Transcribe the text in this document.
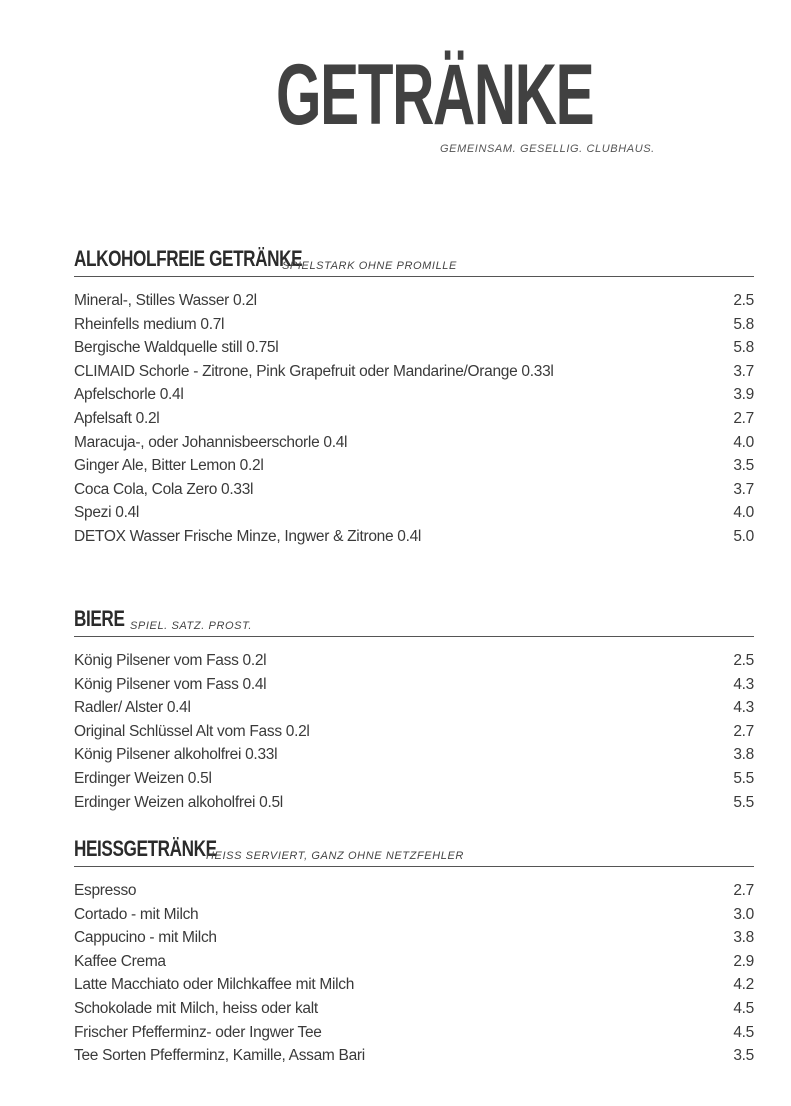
GETRÄNKE
GEMEINSAM. GESELLIG. CLUBHAUS.
ALKOHOLFREIE GETRÄNKE
SPIELSTARK OHNE PROMILLE
Mineral-, Stilles Wasser 0.2l	2.5
Rheinfells medium 0.7l	5.8
Bergische Waldquelle still 0.75l	5.8
CLIMAID Schorle - Zitrone, Pink Grapefruit oder Mandarine/Orange 0.33l	3.7
Apfelschorle 0.4l	3.9
Apfelsaft 0.2l	2.7
Maracuja-, oder Johannisbeerschorle 0.4l	4.0
Ginger Ale, Bitter Lemon 0.2l	3.5
Coca Cola, Cola Zero 0.33l	3.7
Spezi 0.4l	4.0
DETOX Wasser Frische Minze, Ingwer & Zitrone 0.4l	5.0
BIERE SPIEL. SATZ. PROST.
König Pilsener vom Fass 0.2l	2.5
König Pilsener vom Fass 0.4l	4.3
Radler/ Alster 0.4l	4.3
Original Schlüssel Alt vom Fass 0.2l	2.7
König Pilsener alkoholfrei 0.33l	3.8
Erdinger Weizen 0.5l	5.5
Erdinger Weizen alkoholfrei 0.5l	5.5
HEISSGETRÄNKE
HEISS SERVIERT, GANZ OHNE NETZFEHLER
Espresso	2.7
Cortado - mit Milch	3.0
Cappucino - mit Milch	3.8
Kaffee Crema	2.9
Latte Macchiato oder Milchkaffee mit Milch	4.2
Schokolade mit Milch, heiss oder kalt	4.5
Frischer Pfefferminz- oder Ingwer Tee	4.5
Tee Sorten Pfefferminz, Kamille, Assam Bari	3.5
